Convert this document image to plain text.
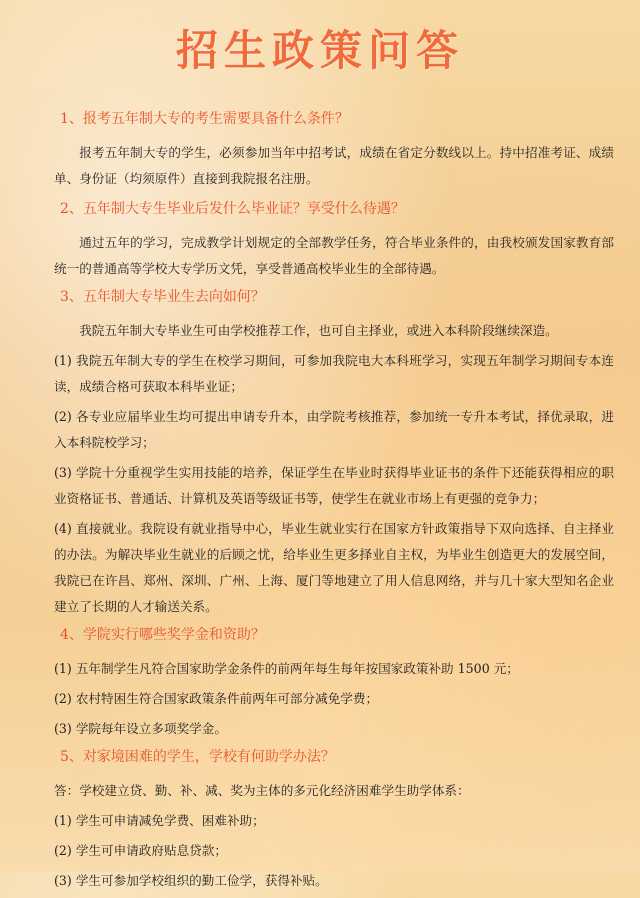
招生政策问答
1、报考五年制大专的考生需要具备什么条件？
报考五年制大专的学生，必须参加当年中招考试，成绩在省定分数线以上。持中招准考证、成绩单、身份证（均须原件）直接到我院报名注册。
2、五年制大专生毕业后发什么毕业证？享受什么待遇？
通过五年的学习，完成教学计划规定的全部教学任务，符合毕业条件的，由我校颁发国家教育部统一的普通高等学校大专学历文凭，享受普通高校毕业生的全部待遇。
3、五年制大专毕业生去向如何？
我院五年制大专毕业生可由学校推荐工作，也可自主择业，或进入本科阶段继续深造。
(1) 我院五年制大专的学生在校学习期间，可参加我院电大本科班学习，实现五年制学习期间专本连读，成绩合格可获取本科毕业证；
(2) 各专业应届毕业生均可提出申请专升本，由学院考核推荐，参加统一专升本考试，择优录取，进入本科院校学习；
(3) 学院十分重视学生实用技能的培养，保证学生在毕业时获得毕业证书的条件下还能获得相应的职业资格证书、普通话、计算机及英语等级证书等，使学生在就业市场上有更强的竞争力；
(4) 直接就业。我院设有就业指导中心，毕业生就业实行在国家方针政策指导下双向选择、自主择业的办法。为解决毕业生就业的后顾之忧，给毕业生更多择业自主权，为毕业生创造更大的发展空间，我院已在许昌、郑州、深圳、广州、上海、厦门等地建立了用人信息网络，并与几十家大型知名企业建立了长期的人才输送关系。
4、学院实行哪些奖学金和资助？
(1) 五年制学生凡符合国家助学金条件的前两年每生每年按国家政策补助 1500 元；
(2) 农村特困生符合国家政策条件前两年可部分减免学费；
(3) 学院每年设立多项奖学金。
5、对家境困难的学生，学校有何助学办法？
答：学校建立贷、勤、补、减、奖为主体的多元化经济困难学生助学体系：
(1) 学生可申请减免学费、困难补助；
(2) 学生可申请政府贴息贷款；
(3) 学生可参加学校组织的勤工俭学，获得补贴。
